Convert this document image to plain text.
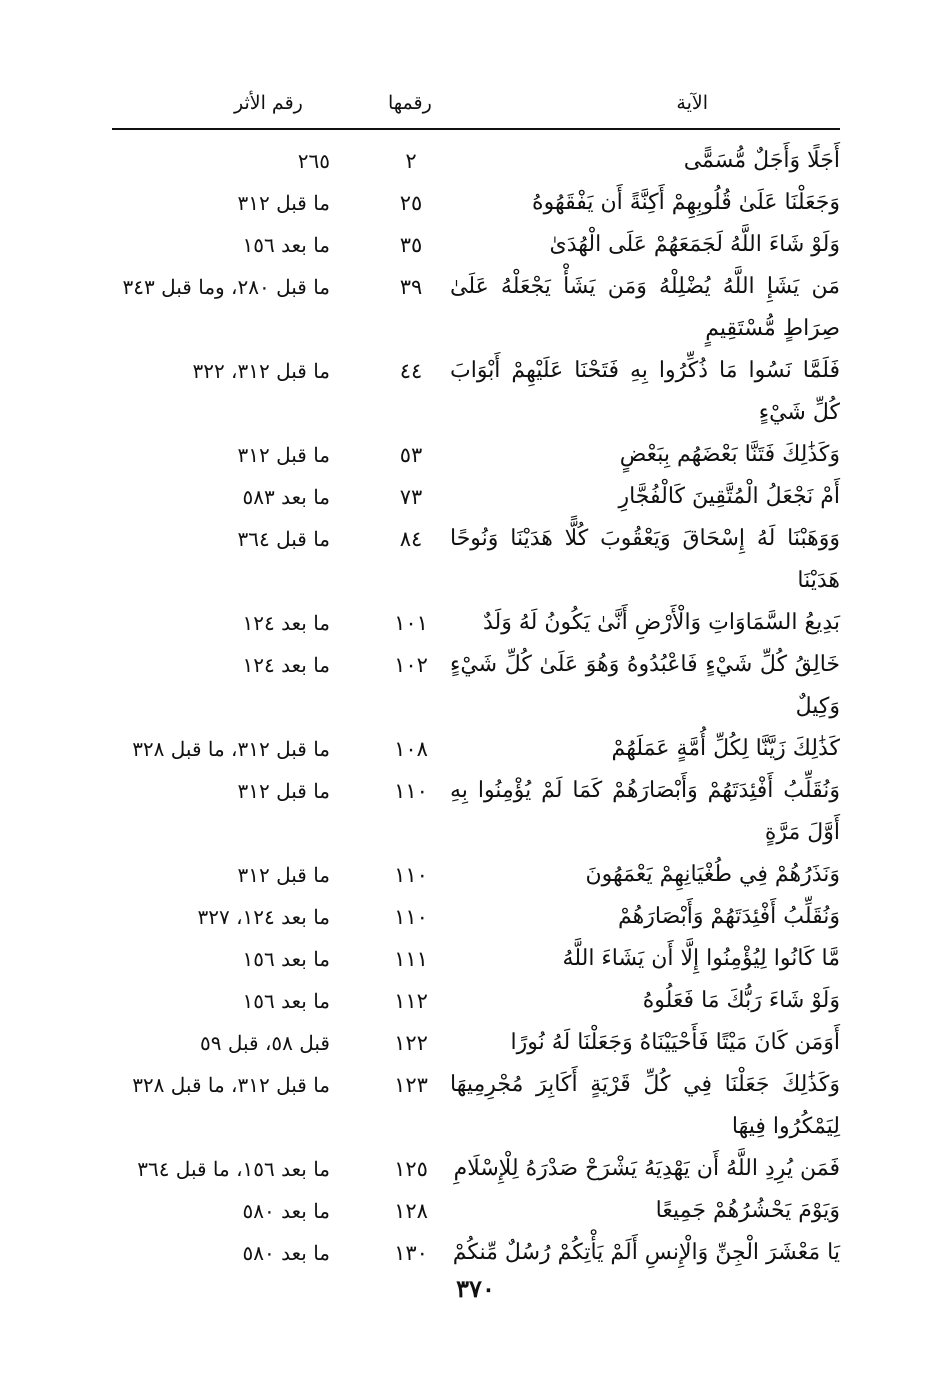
الآية
رقمها
رقم الأثر
أَجَلًا وَأَجَلٌ مُّسَمًّى
٢
٢٦٥
وَجَعَلْنَا عَلَىٰ قُلُوبِهِمْ أَكِنَّةً أَن يَفْقَهُوهُ
٢٥
ما قبل ٣١٢
وَلَوْ شَاءَ اللَّهُ لَجَمَعَهُمْ عَلَى الْهُدَىٰ
٣٥
ما بعد ١٥٦
مَن يَشَإِ اللَّهُ يُضْلِلْهُ وَمَن يَشَأْ يَجْعَلْهُ عَلَىٰ صِرَاطٍ مُّسْتَقِيمٍ
٣٩
ما قبل ٢٨٠، وما قبل ٣٤٣
فَلَمَّا نَسُوا مَا ذُكِّرُوا بِهِ فَتَحْنَا عَلَيْهِمْ أَبْوَابَ كُلِّ شَيْءٍ
٤٤
ما قبل ٣١٢، ٣٢٢
وَكَذَٰلِكَ فَتَنَّا بَعْضَهُم بِبَعْضٍ
٥٣
ما قبل ٣١٢
أَمْ نَجْعَلُ الْمُتَّقِينَ كَالْفُجَّارِ
٧٣
ما بعد ٥٨٣
وَوَهَبْنَا لَهُ إِسْحَاقَ وَيَعْقُوبَ كُلًّا هَدَيْنَا وَنُوحًا هَدَيْنَا
٨٤
ما قبل ٣٦٤
بَدِيعُ السَّمَاوَاتِ وَالْأَرْضِ أَنَّىٰ يَكُونُ لَهُ وَلَدٌ
١٠١
ما بعد ١٢٤
خَالِقُ كُلِّ شَيْءٍ فَاعْبُدُوهُ وَهُوَ عَلَىٰ كُلِّ شَيْءٍ وَكِيلٌ
١٠٢
ما بعد ١٢٤
كَذَٰلِكَ زَيَّنَّا لِكُلِّ أُمَّةٍ عَمَلَهُمْ
١٠٨
ما قبل ٣١٢، ما قبل ٣٢٨
وَنُقَلِّبُ أَفْئِدَتَهُمْ وَأَبْصَارَهُمْ كَمَا لَمْ يُؤْمِنُوا بِهِ أَوَّلَ مَرَّةٍ
١١٠
ما قبل ٣١٢
وَنَذَرُهُمْ فِي طُغْيَانِهِمْ يَعْمَهُونَ
١١٠
ما قبل ٣١٢
وَنُقَلِّبُ أَفْئِدَتَهُمْ وَأَبْصَارَهُمْ
١١٠
ما بعد ١٢٤، ٣٢٧
مَّا كَانُوا لِيُؤْمِنُوا إِلَّا أَن يَشَاءَ اللَّهُ
١١١
ما بعد ١٥٦
وَلَوْ شَاءَ رَبُّكَ مَا فَعَلُوهُ
١١٢
ما بعد ١٥٦
أَوَمَن كَانَ مَيْتًا فَأَحْيَيْنَاهُ وَجَعَلْنَا لَهُ نُورًا
١٢٢
قبل ٥٨، قبل ٥٩
وَكَذَٰلِكَ جَعَلْنَا فِي كُلِّ قَرْيَةٍ أَكَابِرَ مُجْرِمِيهَا لِيَمْكُرُوا فِيهَا
١٢٣
ما قبل ٣١٢، ما قبل ٣٢٨
فَمَن يُرِدِ اللَّهُ أَن يَهْدِيَهُ يَشْرَحْ صَدْرَهُ لِلْإِسْلَامِ
١٢٥
ما بعد ١٥٦، ما قبل ٣٦٤
وَيَوْمَ يَحْشُرُهُمْ جَمِيعًا
١٢٨
ما بعد ٥٨٠
يَا مَعْشَرَ الْجِنِّ وَالْإِنسِ أَلَمْ يَأْتِكُمْ رُسُلٌ مِّنكُمْ
١٣٠
ما بعد ٥٨٠
٣٧٠
